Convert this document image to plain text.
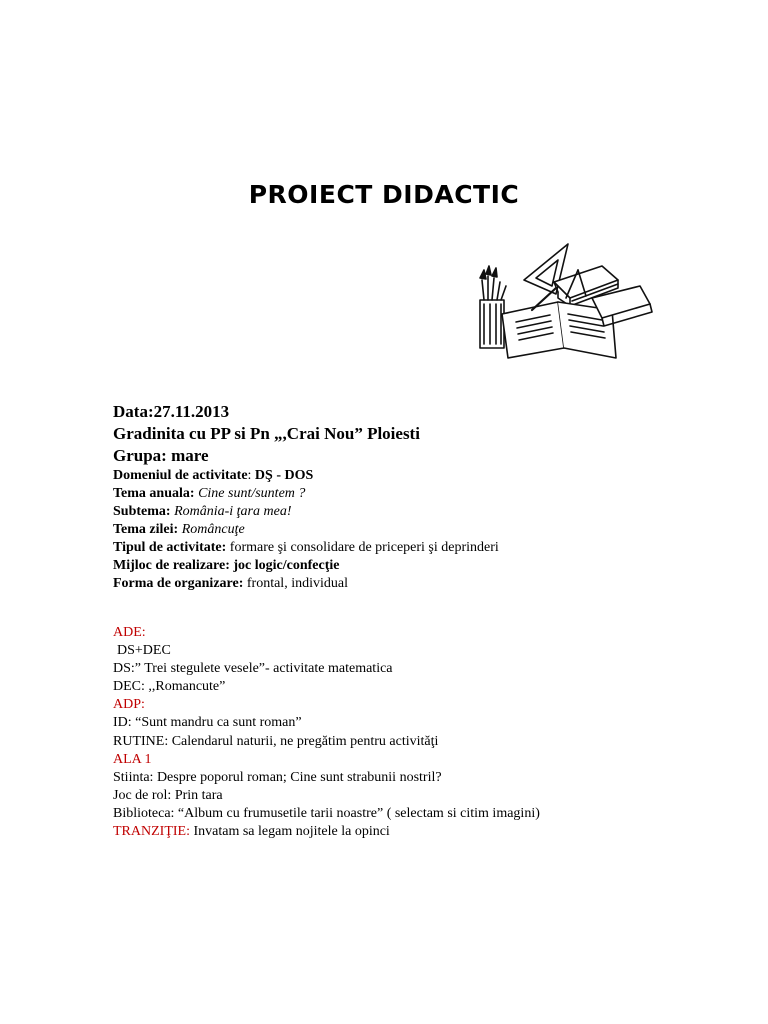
PROIECT DIDACTIC
Data:27.11.2013
Gradinita cu PP si Pn „,Crai Nou” Ploiesti
Grupa: mare
Domeniul de activitate: DŞ - DOS
Tema anuala: Cine sunt/suntem ?
Subtema: România-i ţara mea!
Tema zilei: Româncuţe
Tipul de activitate: formare şi consolidare de priceperi şi deprinderi
Mijloc de realizare: joc logic/confecţie
Forma de organizare: frontal, individual
ADE:
DS+DEC
DS:” Trei stegulete vesele”- activitate matematica
DEC: ,,Romancute”
ADP:
ID: “Sunt mandru ca sunt roman”
RUTINE: Calendarul naturii, ne pregătim pentru activităţi
ALA 1
Stiinta: Despre poporul roman; Cine sunt strabunii nostril?
Joc de rol: Prin tara
Biblioteca: “Album cu frumusetile tarii noastre” ( selectam si citim imagini)
TRANZIŢIE: Invatam sa legam nojitele la opinci
